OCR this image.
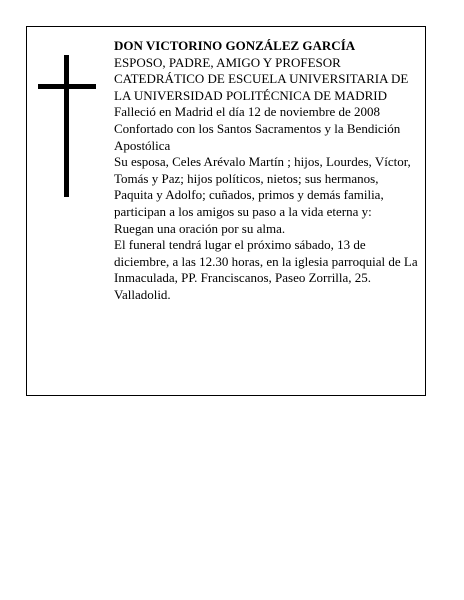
DON VICTORINO GONZÁLEZ GARCÍA

ESPOSO, PADRE, AMIGO Y PROFESOR CATEDRÁTICO DE ESCUELA UNIVERSITARIA DE LA UNIVERSIDAD POLITÉCNICA DE MADRID

Falleció en Madrid el día 12 de noviembre de 2008

Confortado con los Santos Sacramentos y la Bendición Apostólica

Su esposa, Celes Arévalo Martín ; hijos, Lourdes, Víctor, Tomás y Paz; hijos políticos, nietos; sus hermanos, Paquita y Adolfo; cuñados, primos y demás familia, participan a los amigos su paso a la vida eterna y:

Ruegan una oración por su alma.

El funeral tendrá lugar el próximo sábado, 13 de diciembre, a las 12.30 horas, en la iglesia parroquial de La Inmaculada, PP. Franciscanos, Paseo Zorrilla, 25. Valladolid.
